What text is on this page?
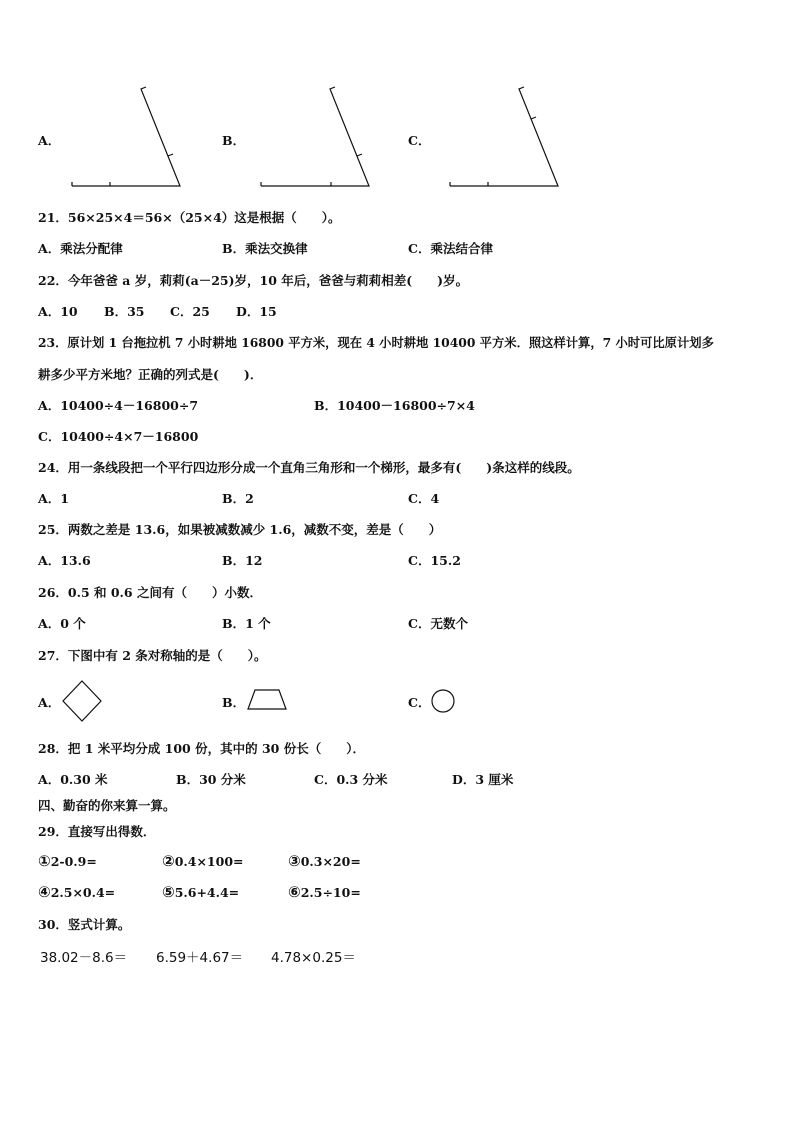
A．	B．	C．
21．56×25×4＝56×（25×4）这是根据（　　）。
A．乘法分配律	B．乘法交换律	C．乘法结合律
22．今年爸爸 a 岁，莉莉(a－25)岁，10 年后，爸爸与莉莉相差(　　)岁。
A．10 B．35 C．25 D．15
23．原计划 1 台拖拉机 7 小时耕地 16800 平方米，现在 4 小时耕地 10400 平方米．照这样计算，7 小时可比原计划多
耕多少平方米地？正确的列式是(　　)．
A．10400÷4－16800÷7	B．10400－16800÷7×4
C．10400÷4×7－16800
24．用一条线段把一个平行四边形分成一个直角三角形和一个梯形，最多有(　　)条这样的线段。
A．1	B．2	C．4
25．两数之差是 13.6，如果被减数减少 1.6，减数不变，差是（　　）
A．13.6	B．12	C．15.2
26．0.5 和 0.6 之间有（　　）小数．
A．0 个	B．1 个	C．无数个
27．下图中有 2 条对称轴的是（　　）。
A．	B．	C．
28．把 1 米平均分成 100 份，其中的 30 份长（　　）．
A．0.30 米	B．30 分米	C．0.3 分米	D．3 厘米
四、勤奋的你来算一算。
29．直接写出得数．
①2-0.9=	②0.4×100=	③0.3×20=
④2.5×0.4=	⑤5.6+4.4=	⑥2.5÷10=
30．竖式计算。
38.02－8.6＝ 6.59＋4.67＝ 4.78×0.25＝
